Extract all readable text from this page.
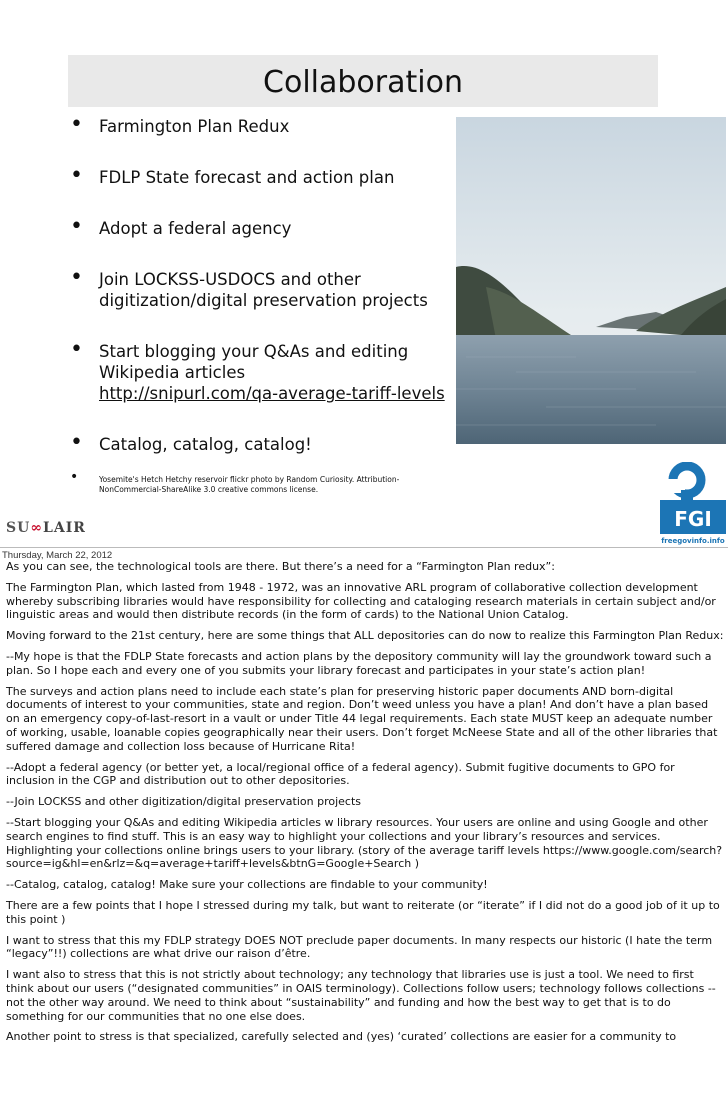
Collaboration
• Farmington Plan Redux
• FDLP State forecast and action plan
• Adopt a federal agency
• Join LOCKSS-USDOCS and other
digitization/digital preservation projects
• Start blogging your Q&As and editing
Wikipedia articles
http://snipurl.com/qa-average-tariff-levels
• Catalog, catalog, catalog!
• Yosemite's Hetch Hetchy reservoir flickr photo by Random Curiosity. Attribution-
NonCommercial-ShareAlike 3.0 creative commons license.
FGI
freegovinfo.info
SU∞LAIR
Thursday, March 22, 2012

As you can see, the technological tools are there. But there’s a need for a “Farmington Plan redux”:

The Farmington Plan, which lasted from 1948 - 1972, was an innovative ARL program of collaborative collection development whereby subscribing libraries would have responsibility for collecting and cataloging research materials in certain subject and/or linguistic areas and would then distribute records (in the form of cards) to the National Union Catalog.

Moving forward to the 21st century, here are some things that ALL depositories can do now to realize this Farmington Plan Redux:

--My hope is that the FDLP State forecasts and action plans by the depository community will lay the groundwork toward such a plan. So I hope each and every one of you submits your library forecast and participates in your state’s action plan!

The surveys and action plans need to include each state’s plan for preserving historic paper documents AND born-digital documents of interest to your communities, state and region. Don’t weed unless you have a plan! And don’t have a plan based on an emergency copy-of-last-resort in a vault or under Title 44 legal requirements. Each state MUST keep an adequate number of working, usable, loanable copies geographically near their users. Don’t forget McNeese State and all of the other libraries that suffered damage and collection loss because of Hurricane Rita!

--Adopt a federal agency (or better yet, a local/regional office of a federal agency). Submit fugitive documents to GPO for inclusion in the CGP and distribution out to other depositories.

--Join LOCKSS and other digitization/digital preservation projects

--Start blogging your Q&As and editing Wikipedia articles w library resources. Your users are online and using Google and other search engines to find stuff. This is an easy way to highlight your collections and your library’s resources and services. Highlighting your collections online brings users to your library. (story of the average tariff levels https://www.google.com/search?source=ig&hl=en&rlz=&q=average+tariff+levels&btnG=Google+Search )

--Catalog, catalog, catalog! Make sure your collections are findable to your community!

There are a few points that I hope I stressed during my talk, but want to reiterate (or “iterate” if I did not do a good job of it up to this point )

I want to stress that this my FDLP strategy DOES NOT preclude paper documents. In many respects our historic (I hate the term “legacy”!!) collections are what drive our raison d’être.

I want also to stress that this is not strictly about technology; any technology that libraries use is just a tool. We need to first think about our users (“designated communities” in OAIS terminology). Collections follow users; technology follows collections -- not the other way around. We need to think about “sustainability” and funding and how the best way to get that is to do something for our communities that no one else does.

Another point to stress is that specialized, carefully selected and (yes) ‘curated’ collections are easier for a community to
